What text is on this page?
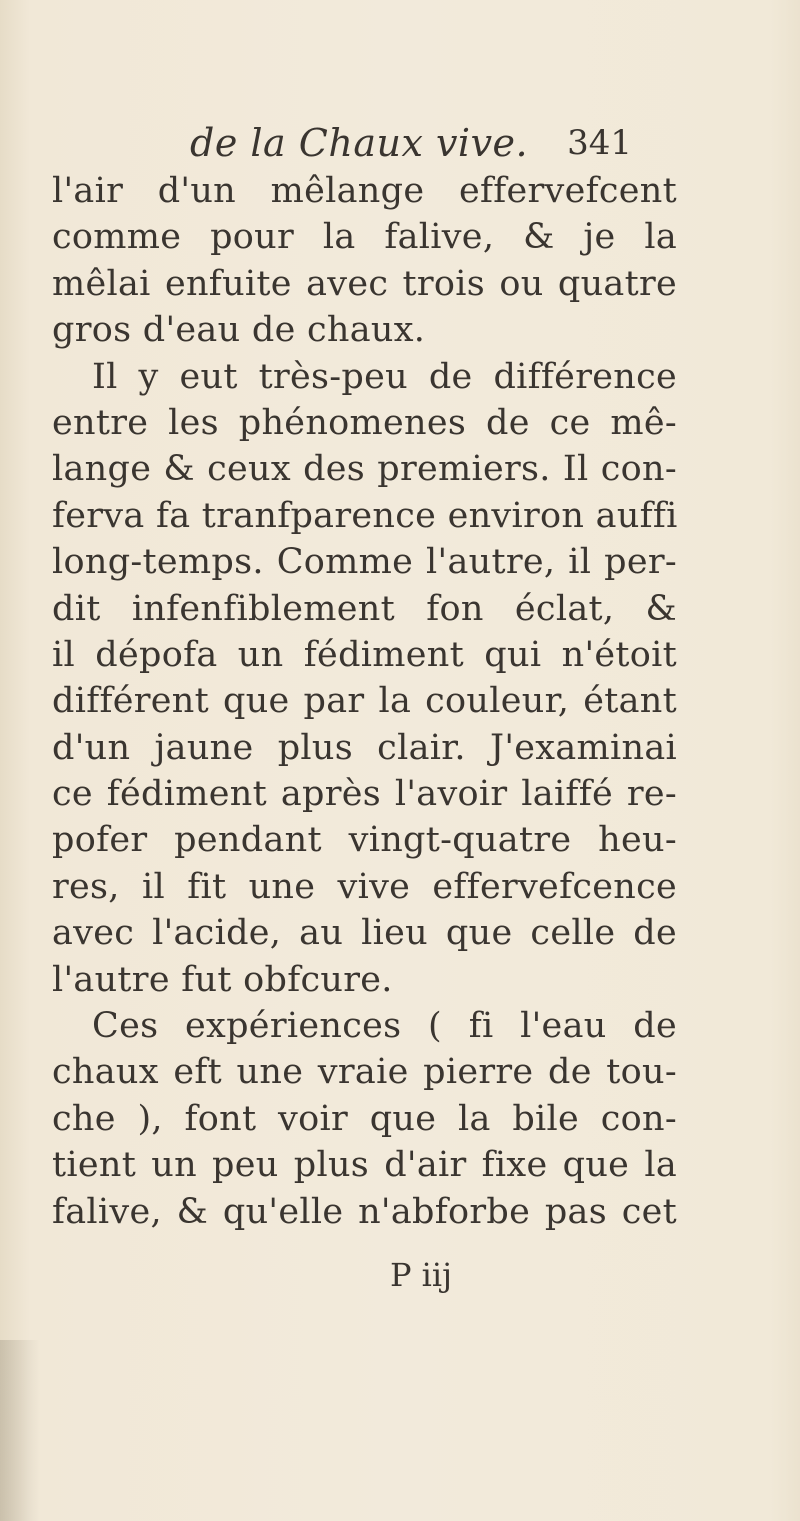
de la Chaux vive. 341
l'air d'un mêlange effervefcent
comme pour la falive, & je la
mêlai enfuite avec trois ou quatre
gros d'eau de chaux.
Il y eut très-peu de différence
entre les phénomenes de ce mê-
lange & ceux des premiers. Il con-
ferva fa tranfparence environ auffi
long-temps. Comme l'autre, il per-
dit infenfiblement fon éclat, &
il dépofa un fédiment qui n'étoit
différent que par la couleur, étant
d'un jaune plus clair. J'examinai
ce fédiment après l'avoir laiffé re-
pofer pendant vingt-quatre heu-
res, il fit une vive effervefcence
avec l'acide, au lieu que celle de
l'autre fut obfcure.
Ces expériences ( fi l'eau de
chaux eft une vraie pierre de tou-
che ), font voir que la bile con-
tient un peu plus d'air fixe que la
falive, & qu'elle n'abforbe pas cet
P iij
